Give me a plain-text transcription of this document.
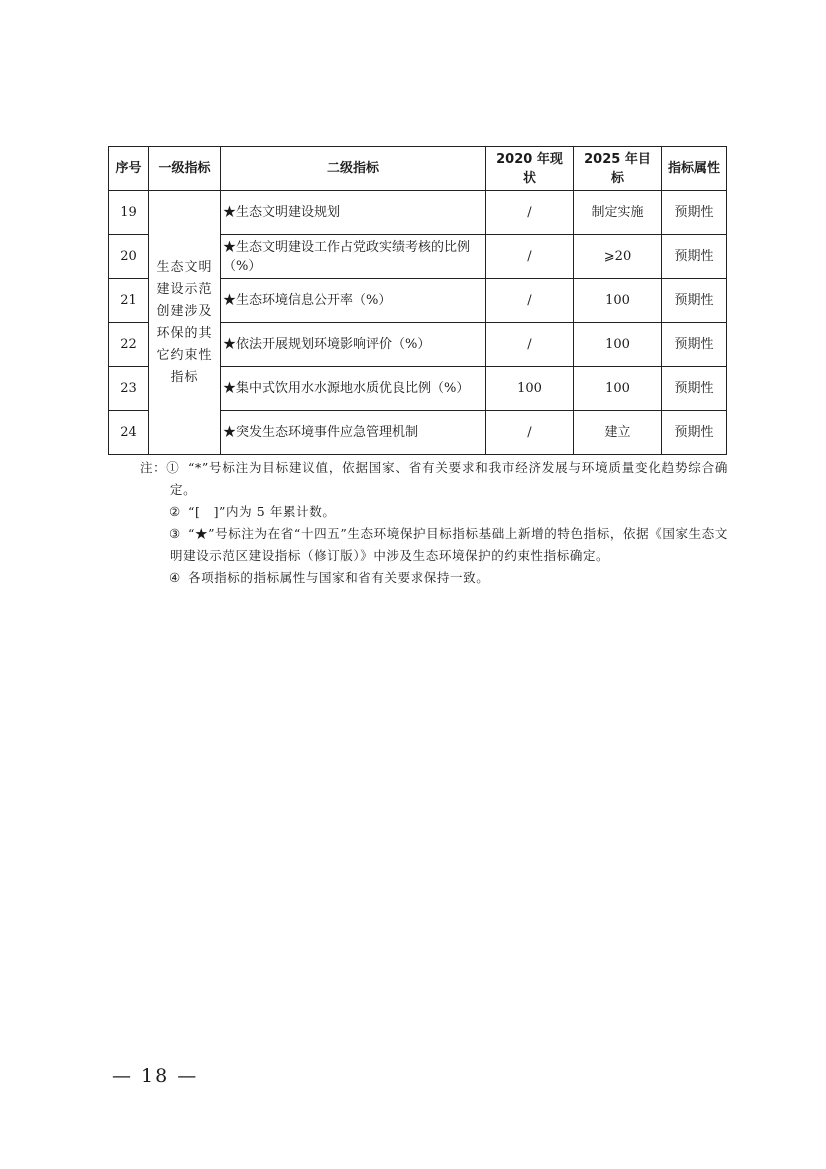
序号	一级指标	二级指标	2020 年现状	2025 年目标	指标属性
19	生态文明建设示范创建涉及环保的其它约束性指标	★生态文明建设规划	/	制定实施	预期性
20		★生态文明建设工作占党政实绩考核的比例（%）	/	⩾20	预期性
21		★生态环境信息公开率（%）	/	100	预期性
22		★依法开展规划环境影响评价（%）	/	100	预期性
23		★集中式饮用水水源地水质优良比例（%）	100	100	预期性
24		★突发生态环境事件应急管理机制	/	建立	预期性
注：① “*”号标注为目标建议值，依据国家、省有关要求和我市经济发展与环境质量变化趋势综合确定。
② “[　]”内为 5 年累计数。
③ “★”号标注为在省“十四五”生态环境保护目标指标基础上新增的特色指标，依据《国家生态文明建设示范区建设指标（修订版）》中涉及生态环境保护的约束性指标确定。
④ 各项指标的指标属性与国家和省有关要求保持一致。
— 18 —
